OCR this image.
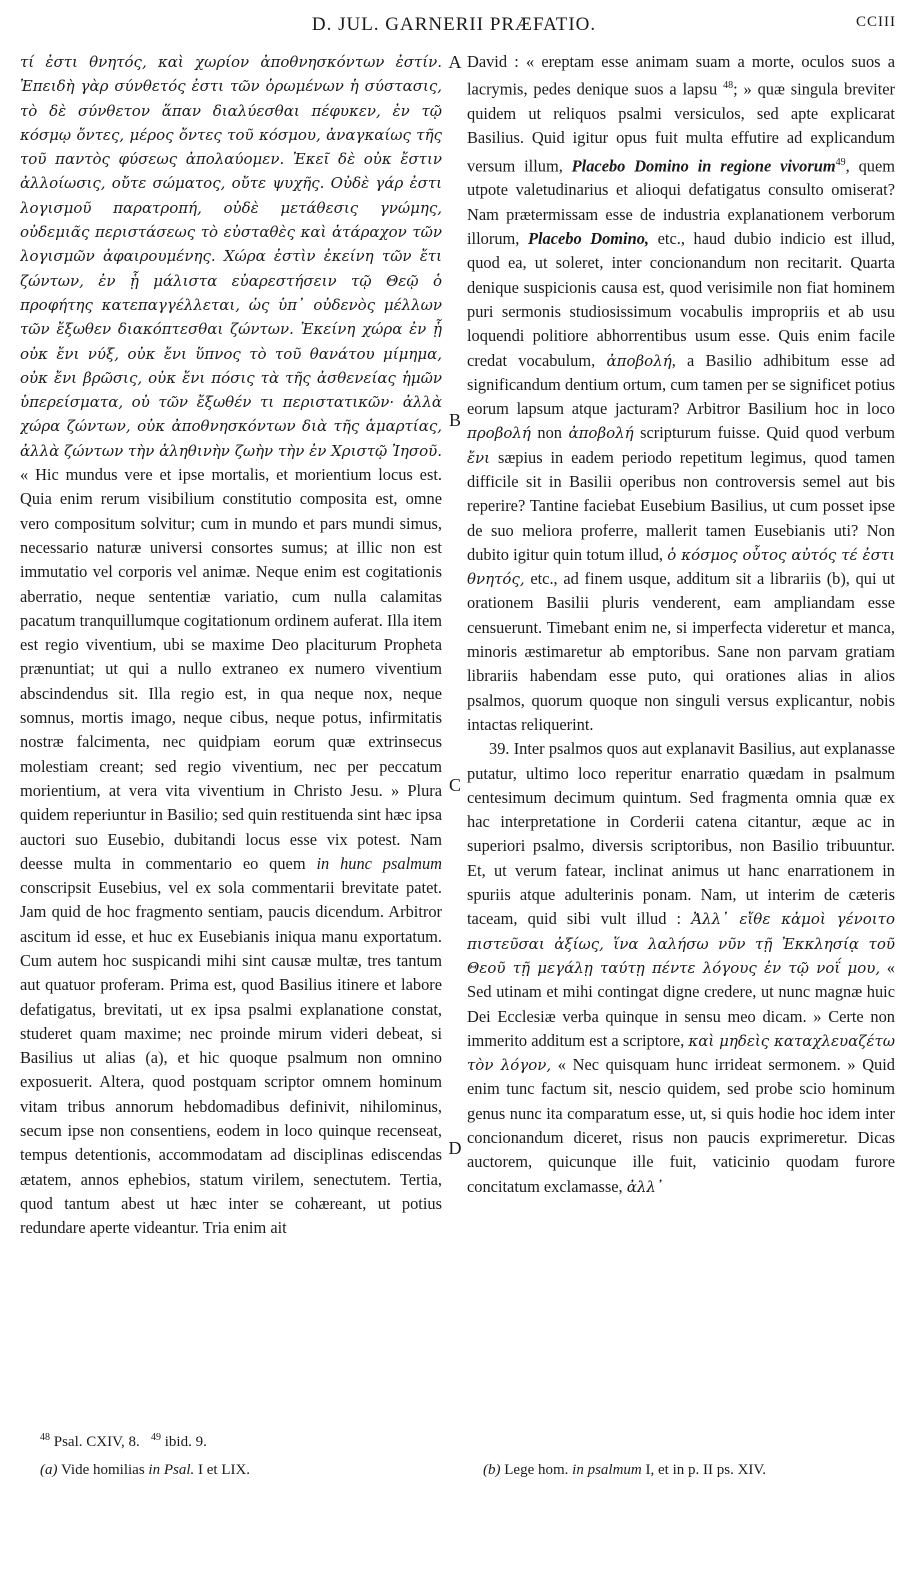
D. JUL. GARNERII PRÆFATIO.	CCIII
A
B
C
D

τί ἐστι θνητός, καὶ χωρίον ἀποθνησκόντων ἐστίν. Ἐπειδὴ γὰρ σύνθετός ἐστι τῶν ὁρωμένων ἡ σύστασις, τὸ δὲ σύνθετον ἅπαν διαλύεσθαι πέφυκεν, ἐν τῷ κόσμῳ ὄντες, μέρος ὄντες τοῦ κόσμου, ἀναγκαίως τῆς τοῦ παντὸς φύσεως ἀπολαύομεν. Ἐκεῖ δὲ οὐκ ἔστιν ἀλλοίωσις, οὔτε σώματος, οὔτε ψυχῆς. Οὐδὲ γάρ ἐστι λογισμοῦ παρατροπή, οὐδὲ μετάθεσις γνώμης, οὐδεμιᾶς περιστάσεως τὸ εὐσταθὲς καὶ ἀτάραχον τῶν λογισμῶν ἀφαιρουμένης. Χώρα ἐστὶν ἐκείνη τῶν ἔτι ζώντων, ἐν ᾗ μάλιστα εὐαρεστήσειν τῷ Θεῷ ὁ προφήτης κατεπαγγέλλεται, ὡς ὑπ᾽ οὐδενὸς μέλλων τῶν ἔξωθεν διακόπτεσθαι ζώντων. Ἐκείνη χώρα ἐν ᾗ οὐκ ἔνι νύξ, οὐκ ἔνι ὕπνος τὸ τοῦ θανάτου μίμημα, οὐκ ἔνι βρῶσις, οὐκ ἔνι πόσις τὰ τῆς ἀσθενείας ἡμῶν ὑπερείσματα, οὐ τῶν ἔξωθέν τι περιστατικῶν· ἀλλὰ χώρα ζώντων, οὐκ ἀποθνησκόντων διὰ τῆς ἁμαρτίας, ἀλλὰ ζώντων τὴν ἀληθινὴν ζωὴν τὴν ἐν Χριστῷ Ἰησοῦ. « Hic mundus vere et ipse mortalis, et morientium locus est. Quia enim rerum visibilium constitutio composita est, omne vero compositum solvitur; cum in mundo et pars mundi simus, necessario naturæ universi consortes sumus; at illic non est immutatio vel corporis vel animæ. Neque enim est cogitationis aberratio, neque sententiæ variatio, cum nulla calamitas pacatum tranquillumque cogitationum ordinem auferat. Illa item est regio viventium, ubi se maxime Deo placiturum Propheta prænuntiat; ut qui a nullo extraneo ex numero viventium abscindendus sit. Illa regio est, in qua neque nox, neque somnus, mortis imago, neque cibus, neque potus, infirmitatis nostræ falcimenta, nec quidpiam eorum quæ extrinsecus molestiam creant; sed regio viventium, nec per peccatum morientium, at vera vita viventium in Christo Jesu. » Plura quidem reperiuntur in Basilio; sed quin restituenda sint hæc ipsa auctori suo Eusebio, dubitandi locus esse vix potest. Nam deesse multa in commentario eo quem in hunc psalmum conscripsit Eusebius, vel ex sola commentarii brevitate patet. Jam quid de hoc fragmento sentiam, paucis dicendum. Arbitror ascitum id esse, et huc ex Eusebianis iniqua manu exportatum. Cum autem hoc suspicandi mihi sint causæ multæ, tres tantum aut quatuor proferam. Prima est, quod Basilius itinere et labore defatigatus, brevitati, ut ex ipsa psalmi explanatione constat, studeret quam maxime; nec proinde mirum videri debeat, si Basilius ut alias (a), et hic quoque psalmum non omnino exposuerit. Altera, quod postquam scriptor omnem hominum vitam tribus annorum hebdomadibus definivit, nihilominus, secum ipse non consentiens, eodem in loco quinque recenseat, tempus detentionis, accommodatam ad disciplinas ediscendas ætatem, annos ephebios, statum virilem, senectutem. Tertia, quod tantum abest ut hæc inter se cohæreant, ut potius redundare aperte videantur. Tria enim ait

David : « ereptam esse animam suam a morte, oculos suos a lacrymis, pedes denique suos a lapsu $^{48}$; » quæ singula breviter quidem ut reliquos psalmi versiculos, sed apte explicarat Basilius. Quid igitur opus fuit multa effutire ad explicandum versum illum, Placebo Domino in regione vivorum$^{49}$, quem utpote valetudinarius et alioqui defatigatus consulto omiserat? Nam prætermissam esse de industria explanationem verborum illorum, Placebo Domino, etc., haud dubio indicio est illud, quod ea, ut soleret, inter concionandum non recitarit. Quarta denique suspicionis causa est, quod verisimile non fiat hominem puri sermonis studiosissimum vocabulis impropriis et ab usu loquendi politiore abhorrentibus usum esse. Quis enim facile credat vocabulum, ἀποβολή, a Basilio adhibitum esse ad significandum dentium ortum, cum tamen per se significet potius eorum lapsum atque jacturam? Arbitror Basilium hoc in loco προβολή non ἀποβολή scripturum fuisse. Quid quod verbum ἔνι sæpius in eadem periodo repetitum legimus, quod tamen difficile sit in Basilii operibus non controversis semel aut bis reperire? Tantine faciebat Eusebium Basilius, ut cum posset ipse de suo meliora proferre, mallerit tamen Eusebianis uti? Non dubito igitur quin totum illud, ὁ κόσμος οὗτος αὐτός τέ ἐστι θνητός, etc., ad finem usque, additum sit a librariis (b), qui ut orationem Basilii pluris venderent, eam ampliandam esse censuerunt. Timebant enim ne, si imperfecta videretur et manca, minoris æstimaretur ab emptoribus. Sane non parvam gratiam librariis habendam esse puto, qui orationes alias in alios psalmos, quorum quoque non singuli versus explicantur, nobis intactas reliquerint.

39. Inter psalmos quos aut explanavit Basilius, aut explanasse putatur, ultimo loco reperitur enarratio quædam in psalmum centesimum decimum quintum. Sed fragmenta omnia quæ ex hac interpretatione in Corderii catena citantur, æque ac in superiori psalmo, diversis scriptoribus, non Basilio tribuuntur. Et, ut verum fatear, inclinat animus ut hanc enarrationem in spuriis atque adulterinis ponam. Nam, ut interim de cæteris taceam, quid sibi vult illud : Ἀλλ᾽ εἴθε κἀμοὶ γένοιτο πιστεῦσαι ἀξίως, ἵνα λαλήσω νῦν τῇ Ἐκκλησίᾳ τοῦ Θεοῦ τῇ μεγάλῃ ταύτῃ πέντε λόγους ἐν τῷ νοΐ μου, « Sed utinam et mihi contingat digne credere, ut nunc magnæ huic Dei Ecclesiæ verba quinque in sensu meo dicam. » Certe non immerito additum est a scriptore, καὶ μηδεὶς καταχλευαζέτω τὸν λόγον, « Nec quisquam hunc irrideat sermonem. » Quid enim tunc factum sit, nescio quidem, sed probe scio hominum genus nunc ita comparatum esse, ut, si quis hodie hoc idem inter concionandum diceret, risus non paucis exprimeretur. Dicas auctorem, quicunque ille fuit, vaticinio quodam furore concitatum exclamasse, ἀλλ᾽

$^{48}$ Psal. CXIV, 8. $^{49}$ ibid. 9.
(a) Vide homilias in Psal. I et LIX.	(b) Lege hom. in psalmum I, et in p. II ps. XIV.
